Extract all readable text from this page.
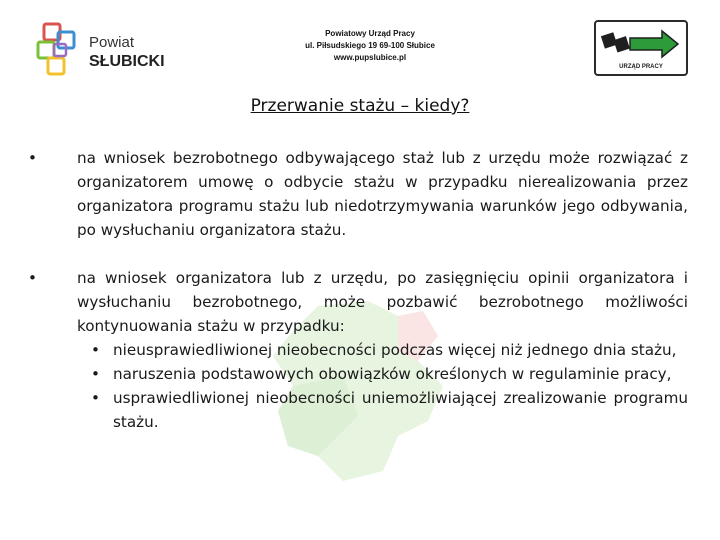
Powiat
SŁUBICKI
Powiatowy Urząd Pracy
ul. Piłsudskiego 19 69-100 Słubice
www.pupslubice.pl
URZĄD PRACY
Przerwanie stażu – kiedy?
•	na wniosek bezrobotnego odbywającego staż lub z urzędu może rozwiązać z organizatorem umowę o odbycie stażu w przypadku nierealizowania przez organizatora programu stażu lub niedotrzymywania warunków jego odbywania, po wysłuchaniu organizatora stażu.
•	na wniosek organizatora lub z urzędu, po zasięgnięciu opinii organizatora i wysłuchaniu bezrobotnego, może pozbawić bezrobotnego możliwości kontynuowania stażu w przypadku:
• nieusprawiedliwionej nieobecności podczas więcej niż jednego dnia stażu,
• naruszenia podstawowych obowiązków określonych w regulaminie pracy,
• usprawiedliwionej nieobecności uniemożliwiającej zrealizowanie programu stażu.
